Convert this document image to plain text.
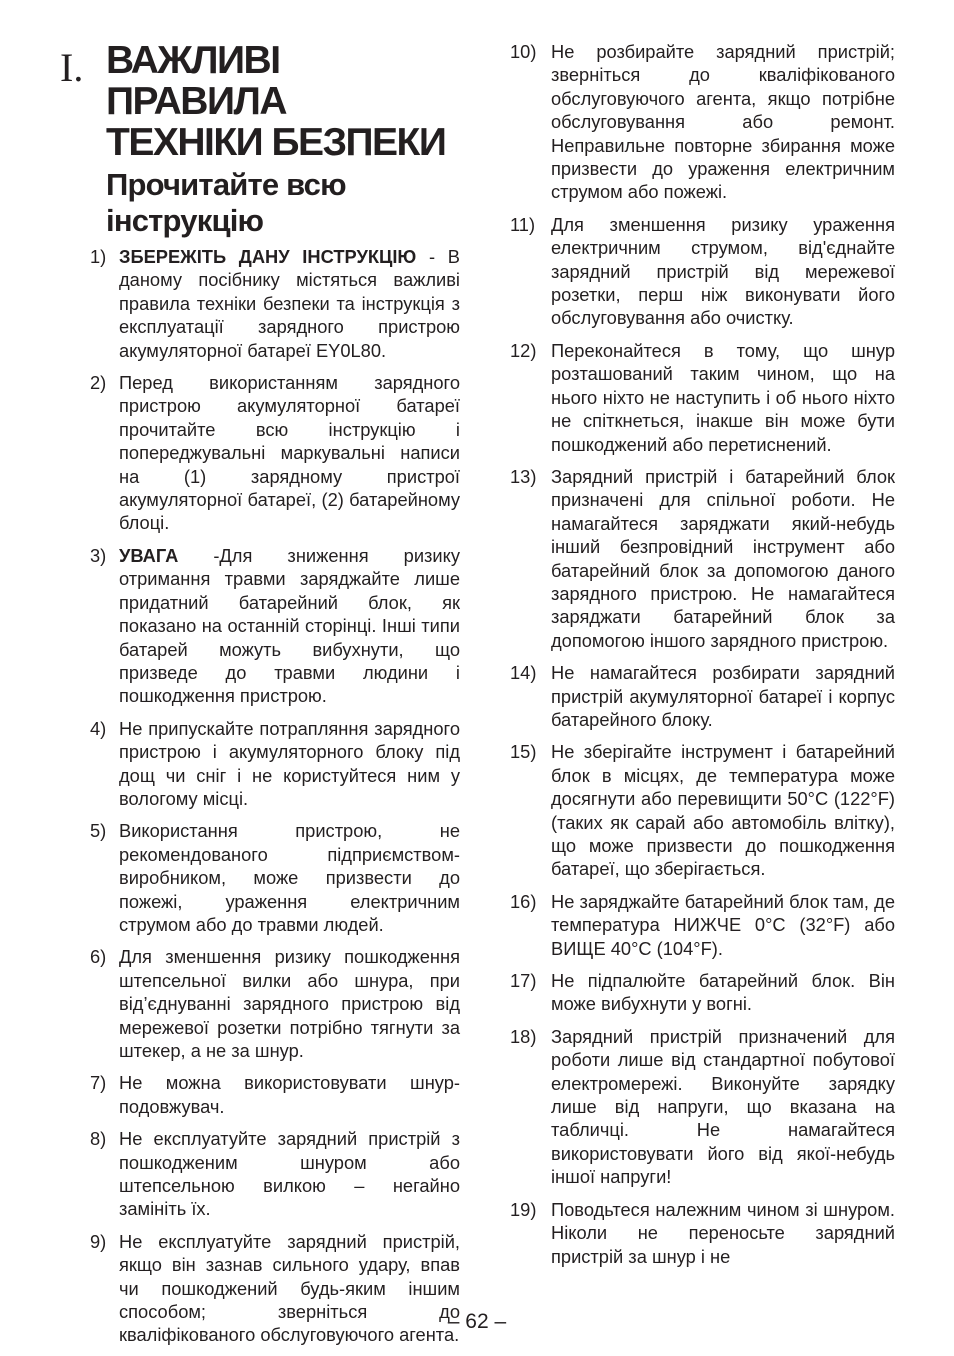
I. ВАЖЛИВІ ПРАВИЛА
ТЕХНІКИ БЕЗПЕКИ
Прочитайте всю інструкцію
1) ЗБЕРЕЖІТЬ ДАНУ ІНСТРУКЦІЮ - В даному посібнику містяться важливі правила техніки безпеки та інструкція з експлуатації зарядного пристрою акумуляторної батареї EY0L80.
2) Перед використанням зарядного пристрою акумуляторної батареї прочитайте всю інструкцію і попереджувальні маркувальні написи на (1) зарядному пристрої акумуляторної батареї, (2) батарейному блоці.
3) УВАГА -Для зниження ризику отримання травми заряджайте лише придатний батарейний блок, як показано на останній сторінці. Інші типи батарей можуть вибухнути, що призведе до травми людини і пошкодження пристрою.
4) Не припускайте потрапляння зарядного пристрою і акумуляторного блоку під дощ чи сніг і не користуйтеся ним у вологому місці.
5) Використання пристрою, не рекомендованого підприємством-виробником, може призвести до пожежі, ураження електричним струмом або до травми людей.
6) Для зменшення ризику пошкодження штепсельної вилки або шнура, при від’єднуванні зарядного пристрою від мережевої розетки потрібно тягнути за штекер, а не за шнур.
7) Не можна використовувати шнур-подовжувач.
8) Не експлуатуйте зарядний пристрій з пошкодженим шнуром або штепсельною вилкою – негайно замініть їх.
9) Не експлуатуйте зарядний пристрій, якщо він зазнав сильного удару, впав чи пошкоджений будь-яким іншим способом; зверніться до кваліфікованого обслуговуючого агента.
10) Не розбирайте зарядний пристрій; зверніться до кваліфікованого обслуговуючого агента, якщо потрібне обслуговування або ремонт. Неправильне повторне збирання може призвести до ураження електричним струмом або пожежі.
11) Для зменшення ризику ураження електричним струмом, від'єднайте зарядний пристрій від мережевої розетки, перш ніж виконувати його обслуговування або очистку.
12) Переконайтеся в тому, що шнур розташований таким чином, що на нього ніхто не наступить і об нього ніхто не спіткнеться, інакше він може бути пошкоджений або перетиснений.
13) Зарядний пристрій і батарейний блок призначені для спільної роботи. Не намагайтеся заряджати який-небудь інший безпровідний інструмент або батарейний блок за допомогою даного зарядного пристрою. Не намагайтеся заряджати батарейний блок за допомогою іншого зарядного пристрою.
14) Не намагайтеся розбирати зарядний пристрій акумуляторної батареї і корпус батарейного блоку.
15) Не зберігайте інструмент і батарейний блок в місцях, де температура може досягнути або перевищити 50°C (122°F) (таких як сарай або автомобіль влітку), що може призвести до пошкодження батареї, що зберігається.
16) Не заряджайте батарейний блок там, де температура НИЖЧЕ 0°C (32°F) або ВИЩЕ 40°C (104°F).
17) Не підпалюйте батарейний блок. Він може вибухнути у вогні.
18) Зарядний пристрій призначений для роботи лише від стандартної побутової електромережі. Виконуйте зарядку лише від напруги, що вказана на табличці. Не намагайтеся використовувати його від якої-небудь іншої напруги!
19) Поводьтеся належним чином зі шнуром. Ніколи не переносьте зарядний пристрій за шнур і не
– 62 –
